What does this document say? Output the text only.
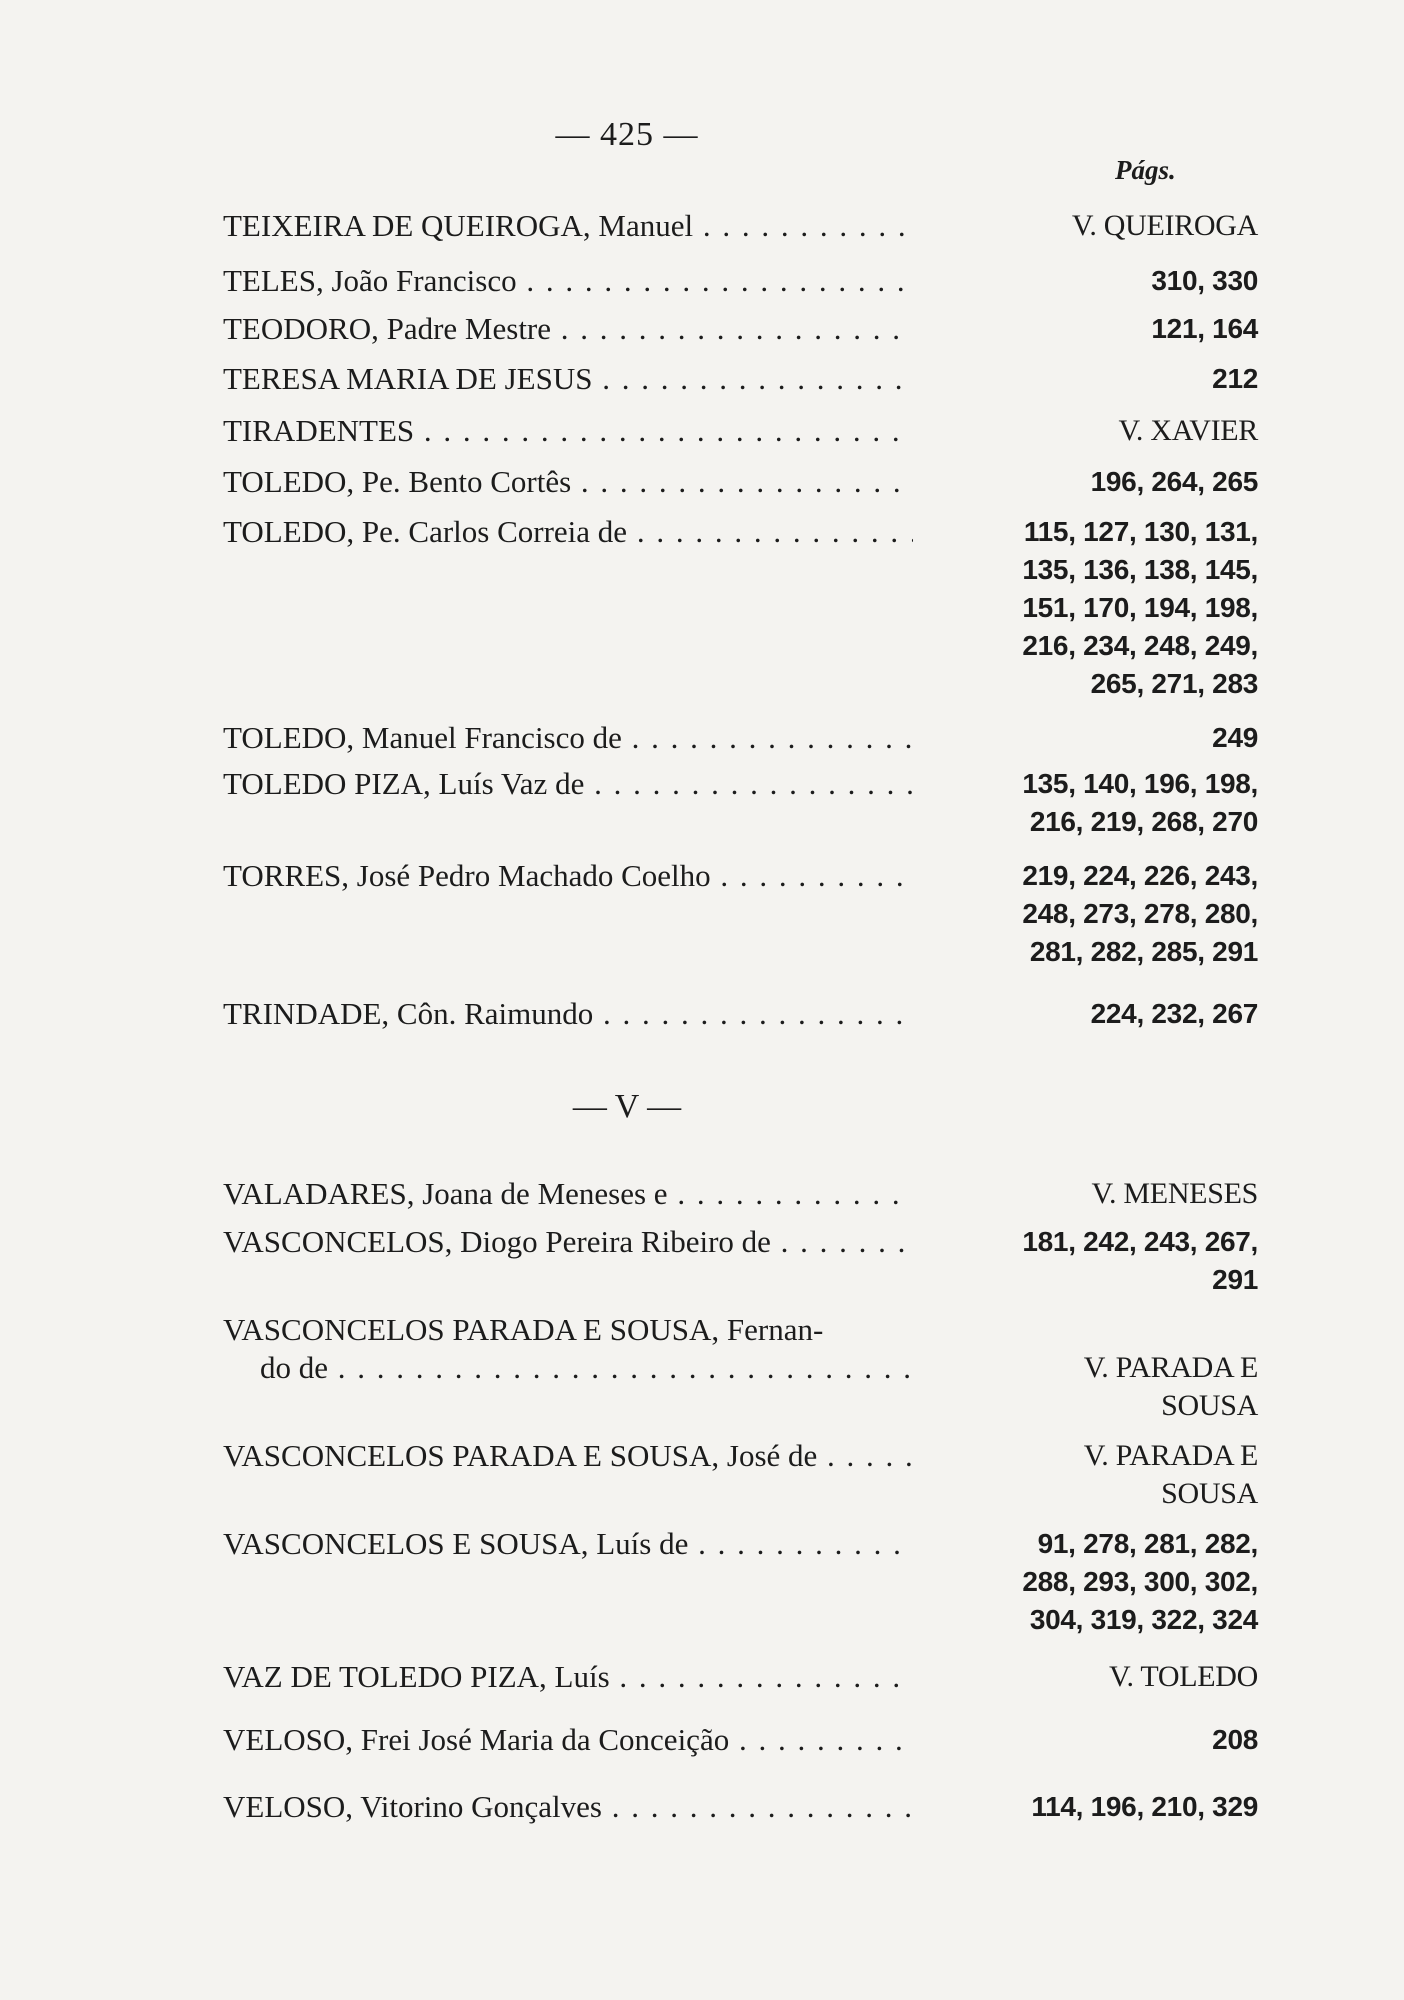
— 425 —
Págs.
TEIXEIRA DE QUEIROGA, Manuel . . .	V. QUEIROGA
TELES, João Francisco . . .	310, 330
TEODORO, Padre Mestre . . .	121, 164
TERESA MARIA DE JESUS . . .	212
TIRADENTES . . .	V. XAVIER
TOLEDO, Pe. Bento Cortês . . .	196, 264, 265
TOLEDO, Pe. Carlos Correia de . . .	115, 127, 130, 131,
135, 136, 138, 145,
151, 170, 194, 198,
216, 234, 248, 249,
265, 271, 283
TOLEDO, Manuel Francisco de . . .	249
TOLEDO PIZA, Luís Vaz de . . .	135, 140, 196, 198,
216, 219, 268, 270
TORRES, José Pedro Machado Coelho . . .	219, 224, 226, 243,
248, 273, 278, 280,
281, 282, 285, 291
TRINDADE, Côn. Raimundo . . .	224, 232, 267
VALADARES, Joana de Meneses e . . .	V. MENESES
VASCONCELOS, Diogo Pereira Ribeiro de . . .	181, 242, 243, 267,
291
VASCONCELOS PARADA E SOUSA, Fernan-
do de . . .	V. PARADA E
SOUSA
VASCONCELOS PARADA E SOUSA, José de . . .	V. PARADA E
SOUSA
VASCONCELOS E SOUSA, Luís de . . .	91, 278, 281, 282,
288, 293, 300, 302,
304, 319, 322, 324
VAZ DE TOLEDO PIZA, Luís . . .	V. TOLEDO
VELOSO, Frei José Maria da Conceição . . .	208
VELOSO, Vitorino Gonçalves . . .	114, 196, 210, 329
— V —
